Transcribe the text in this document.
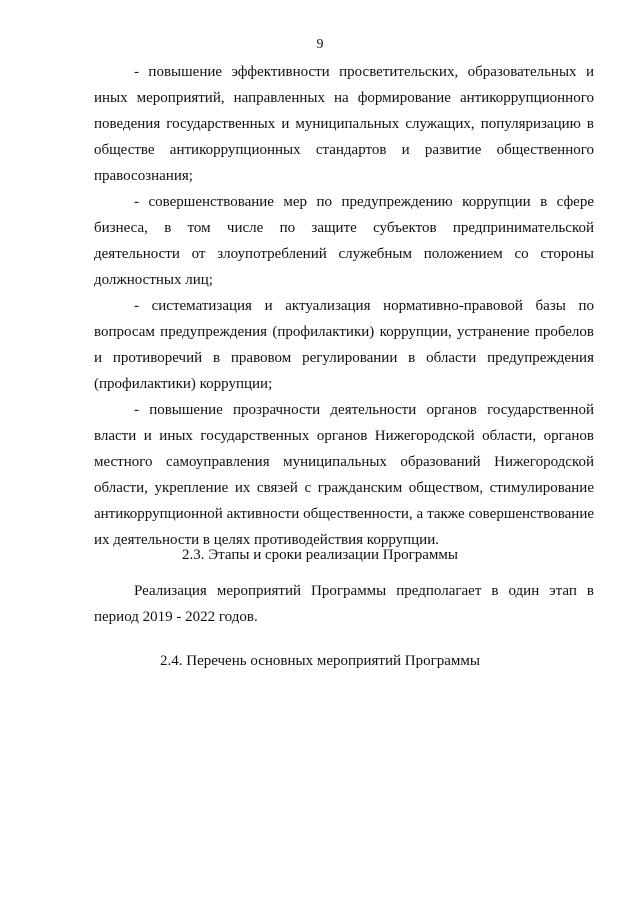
9

- повышение эффективности просветительских, образовательных и иных мероприятий, направленных на формирование антикоррупционного поведения государственных и муниципальных служащих, популяризацию в обществе антикоррупционных стандартов и развитие общественного правосознания;

- совершенствование мер по предупреждению коррупции в сфере бизнеса, в том числе по защите субъектов предпринимательской деятельности от злоупотреблений служебным положением со стороны должностных лиц;

- систематизация и актуализация нормативно-правовой базы по вопросам предупреждения (профилактики) коррупции, устранение пробелов и противоречий в правовом регулировании в области предупреждения (профилактики) коррупции;

- повышение прозрачности деятельности органов государственной власти и иных государственных органов Нижегородской области, органов местного самоуправления муниципальных образований Нижегородской области, укрепление их связей с гражданским обществом, стимулирование антикоррупционной активности общественности, а также совершенствование их деятельности в целях противодействия коррупции.

2.3. Этапы и сроки реализации Программы

Реализация мероприятий Программы предполагает в один этап в период 2019 - 2022 годов.

2.4. Перечень основных мероприятий Программы
